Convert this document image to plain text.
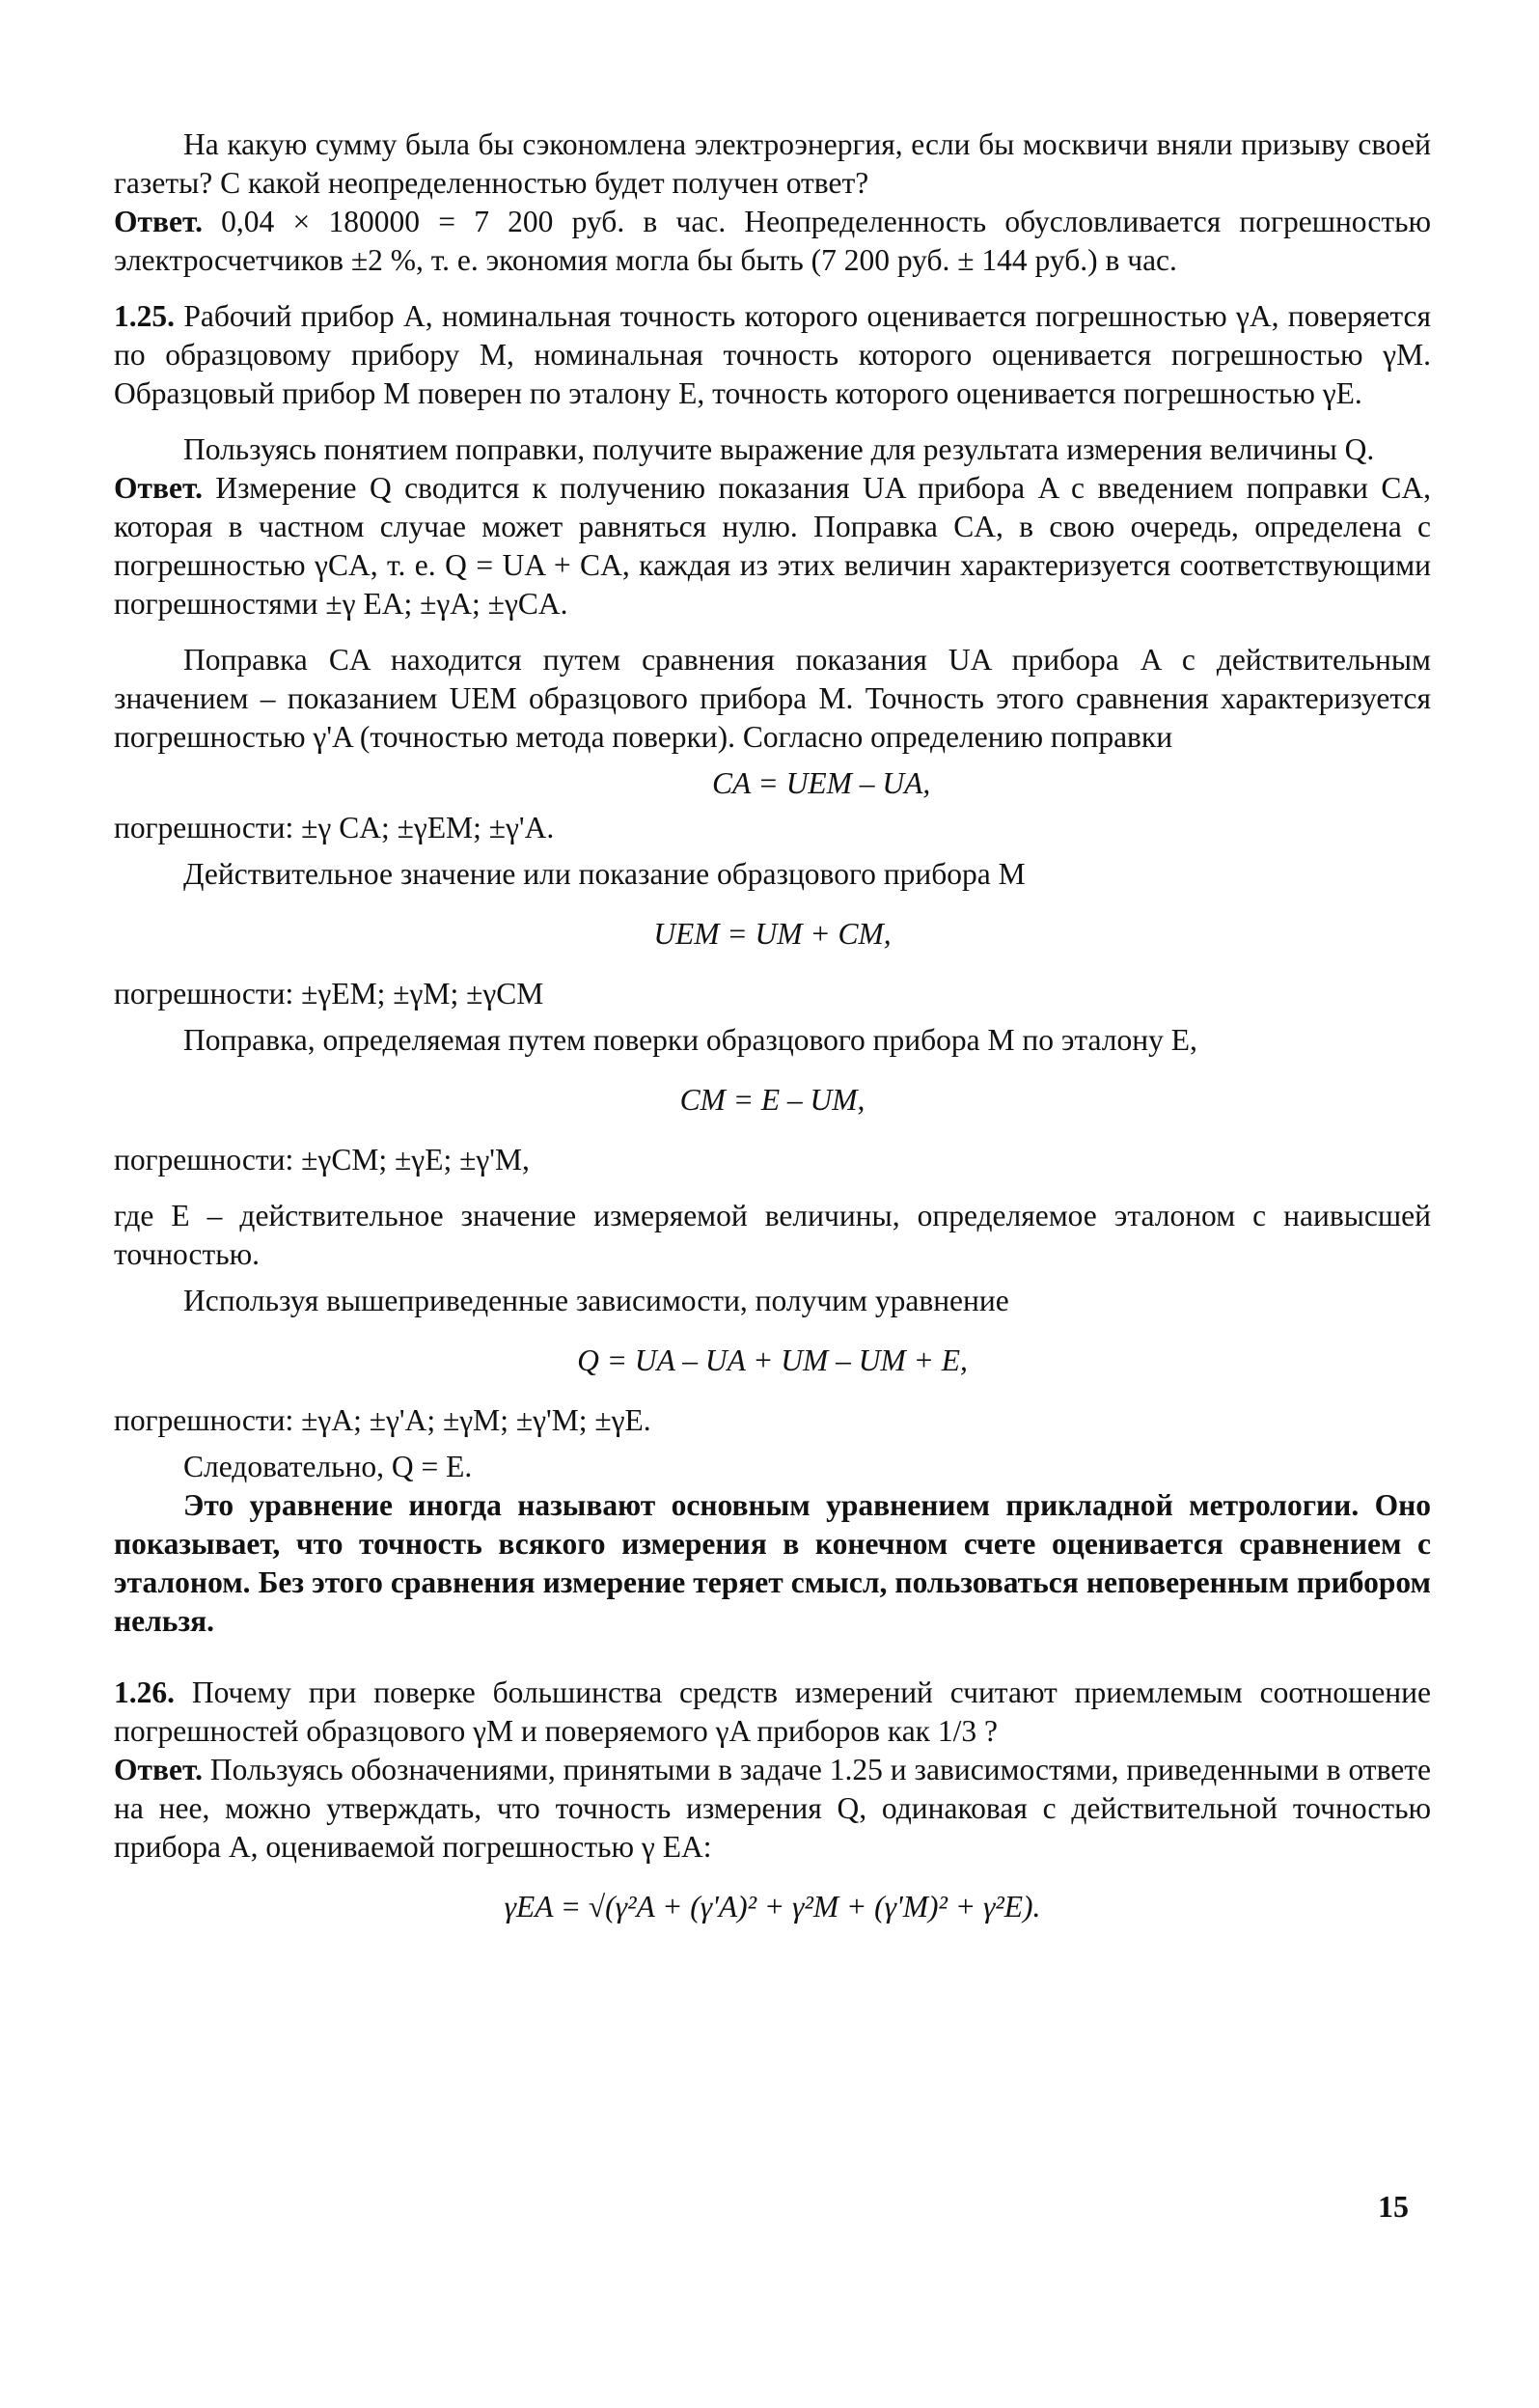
На какую сумму была бы сэкономлена электроэнергия, если бы москвичи вняли призыву своей газеты? С какой неопределенностью будет получен ответ?

Ответ. 0,04 × 180000 = 7 200 руб. в час. Неопределенность обусловливается погрешностью электросчетчиков ±2 %, т. е. экономия могла бы быть (7 200 руб. ± 144 руб.) в час.

1.25. Рабочий прибор A, номинальная точность которого оценивается погрешностью γA, поверяется по образцовому прибору M, номинальная точность которого оценивается погрешностью γM. Образцовый прибор M поверен по эталону E, точность которого оценивается погрешностью γE.

Пользуясь понятием поправки, получите выражение для результата измерения величины Q.

Ответ. Измерение Q сводится к получению показания UA прибора A с введением поправки CA, которая в частном случае может равняться нулю. Поправка CA, в свою очередь, определена с погрешностью γCA, т. е. Q = UA + CA, каждая из этих величин характеризуется соответствующими погрешностями ±γ EA; ±γA; ±γCA.

Поправка CA находится путем сравнения показания UA прибора A с действительным значением – показанием UEM образцового прибора M. Точность этого сравнения характеризуется погрешностью γ'A (точностью метода поверки). Согласно определению поправки

CA = UEM – UA,

погрешности: ±γ CA; ±γEM; ±γ'A.

Действительное значение или показание образцового прибора M

UEM = UM + CM,

погрешности: ±γEM; ±γM; ±γCM

Поправка, определяемая путем поверки образцового прибора M по эталону E,

CM = E – UM,

погрешности: ±γCM; ±γE; ±γ'M,

где E – действительное значение измеряемой величины, определяемое эталоном с наивысшей точностью.

Используя вышеприведенные зависимости, получим уравнение

Q = UA – UA + UM – UM + E,

погрешности: ±γA; ±γ'A; ±γM; ±γ'M; ±γE.

Следовательно, Q = E.

Это уравнение иногда называют основным уравнением прикладной метрологии. Оно показывает, что точность всякого измерения в конечном счете оценивается сравнением с эталоном. Без этого сравнения измерение теряет смысл, пользоваться неповеренным прибором нельзя.

1.26. Почему при поверке большинства средств измерений считают приемлемым соотношение погрешностей образцового γM и поверяемого γA приборов как 1/3 ?

Ответ. Пользуясь обозначениями, принятыми в задаче 1.25 и зависимостями, приведенными в ответе на нее, можно утверждать, что точность измерения Q, одинаковая с действительной точностью прибора A, оцениваемой погрешностью γ EA:

γEA = √(γ²A + (γ'A)² + γ²M + (γ'M)² + γ²E).
15
